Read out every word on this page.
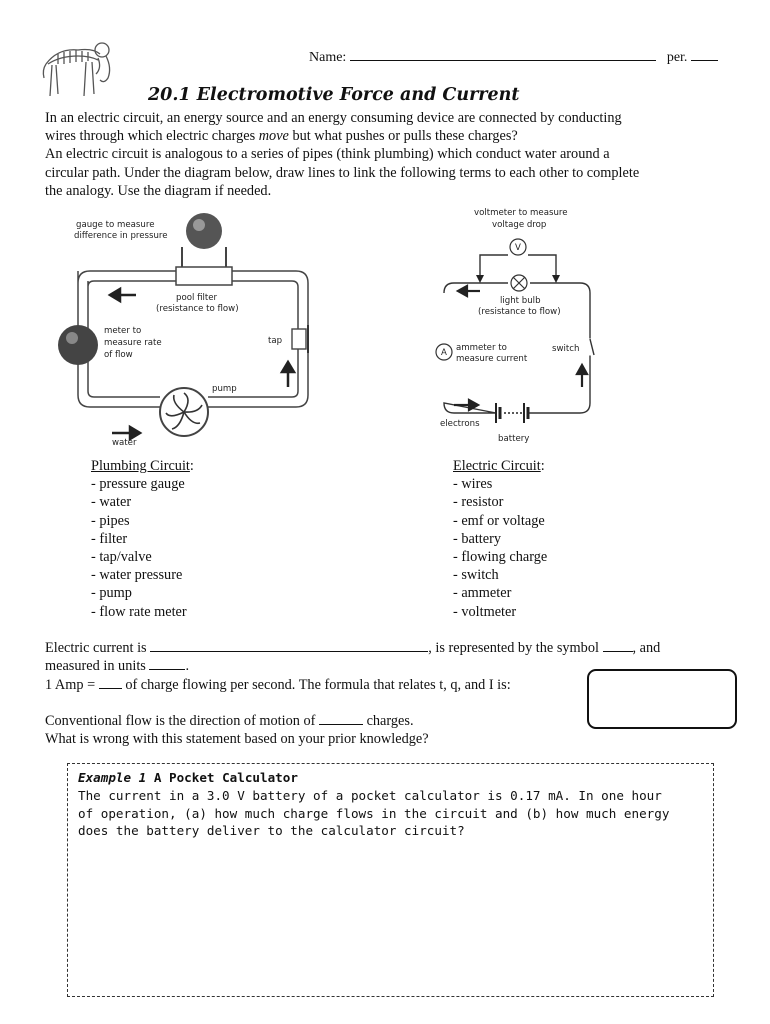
Name:	per.
20.1 Electromotive Force and Current
In an electric circuit, an energy source and an energy consuming device are connected by conducting
wires through which electric charges move but what pushes or pulls these charges?
An electric circuit is analogous to a series of pipes (think plumbing) which conduct water around a
circular path. Under the diagram below, draw lines to link the following terms to each other to complete
the analogy. Use the diagram if needed.
gauge to measure
difference in pressure
pool filter
(resistance to flow)
meter to
measure rate
of flow
tap
pump
water
voltmeter to measure
voltage drop
V
light bulb
(resistance to flow)
A ammeter to
measure current
switch
electrons
battery
Plumbing Circuit:
- pressure gauge
- water
- pipes
- filter
- tap/valve
- water pressure
- pump
- flow rate meter
Electric Circuit:
- wires
- resistor
- emf or voltage
- battery
- flowing charge
- switch
- ammeter
- voltmeter
Electric current is	, is represented by the symbol , and
measured in units	.
1 Amp = of charge flowing per second. The formula that relates t, q, and I is:
Conventional flow is the direction of motion of	charges.
What is wrong with this statement based on your prior knowledge?
Example 1 A Pocket Calculator
The current in a 3.0 V battery of a pocket calculator is 0.17 mA. In one hour
of operation, (a) how much charge flows in the circuit and (b) how much energy
does the battery deliver to the calculator circuit?
